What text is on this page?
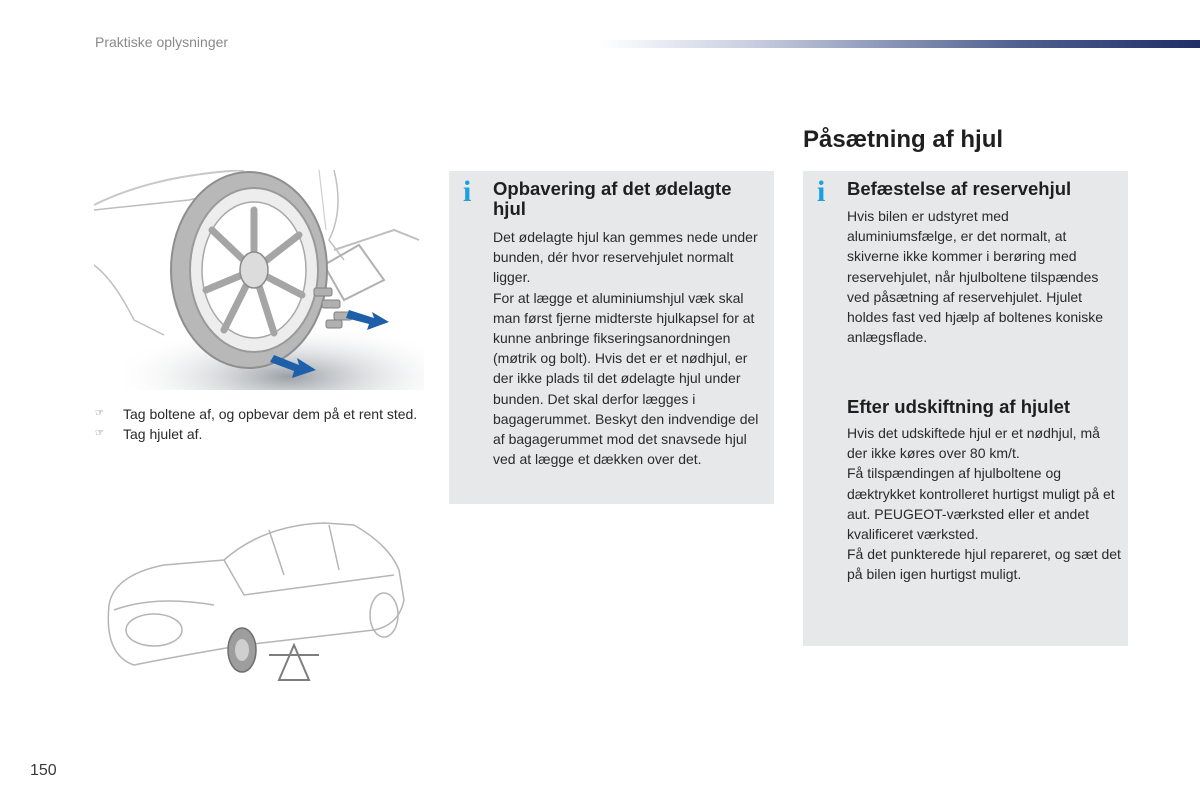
Praktiske oplysninger
☞ Tag boltene af, og opbevar dem på et rent sted.
☞ Tag hjulet af.
Påsætning af hjul
i Opbavering af det ødelagte
hjul

Det ødelagte hjul kan gemmes nede under bunden, dér hvor reservehjulet normalt ligger.

For at lægge et aluminiumshjul væk skal man først fjerne midterste hjulkapsel for at kunne anbringe fikseringsanordningen (møtrik og bolt). Hvis det er et nødhjul, er der ikke plads til det ødelagte hjul under bunden. Det skal derfor lægges i bagagerummet. Beskyt den indvendige del af bagagerummet mod det snavsede hjul ved at lægge et dækken over det.

i Befæstelse af reservehjul

Hvis bilen er udstyret med aluminiumsfælge, er det normalt, at skiverne ikke kommer i berøring med reservehjulet, når hjulboltene tilspændes ved påsætning af reservehjulet. Hjulet holdes fast ved hjælp af boltenes koniske anlægsflade.

Efter udskiftning af hjulet

Hvis det udskiftede hjul er et nødhjul, må der ikke køres over 80 km/t.

Få tilspændingen af hjulboltene og dæktrykket kontrolleret hurtigst muligt på et aut. PEUGEOT-værksted eller et andet kvalificeret værksted.

Få det punkterede hjul repareret, og sæt det på bilen igen hurtigst muligt.

150
